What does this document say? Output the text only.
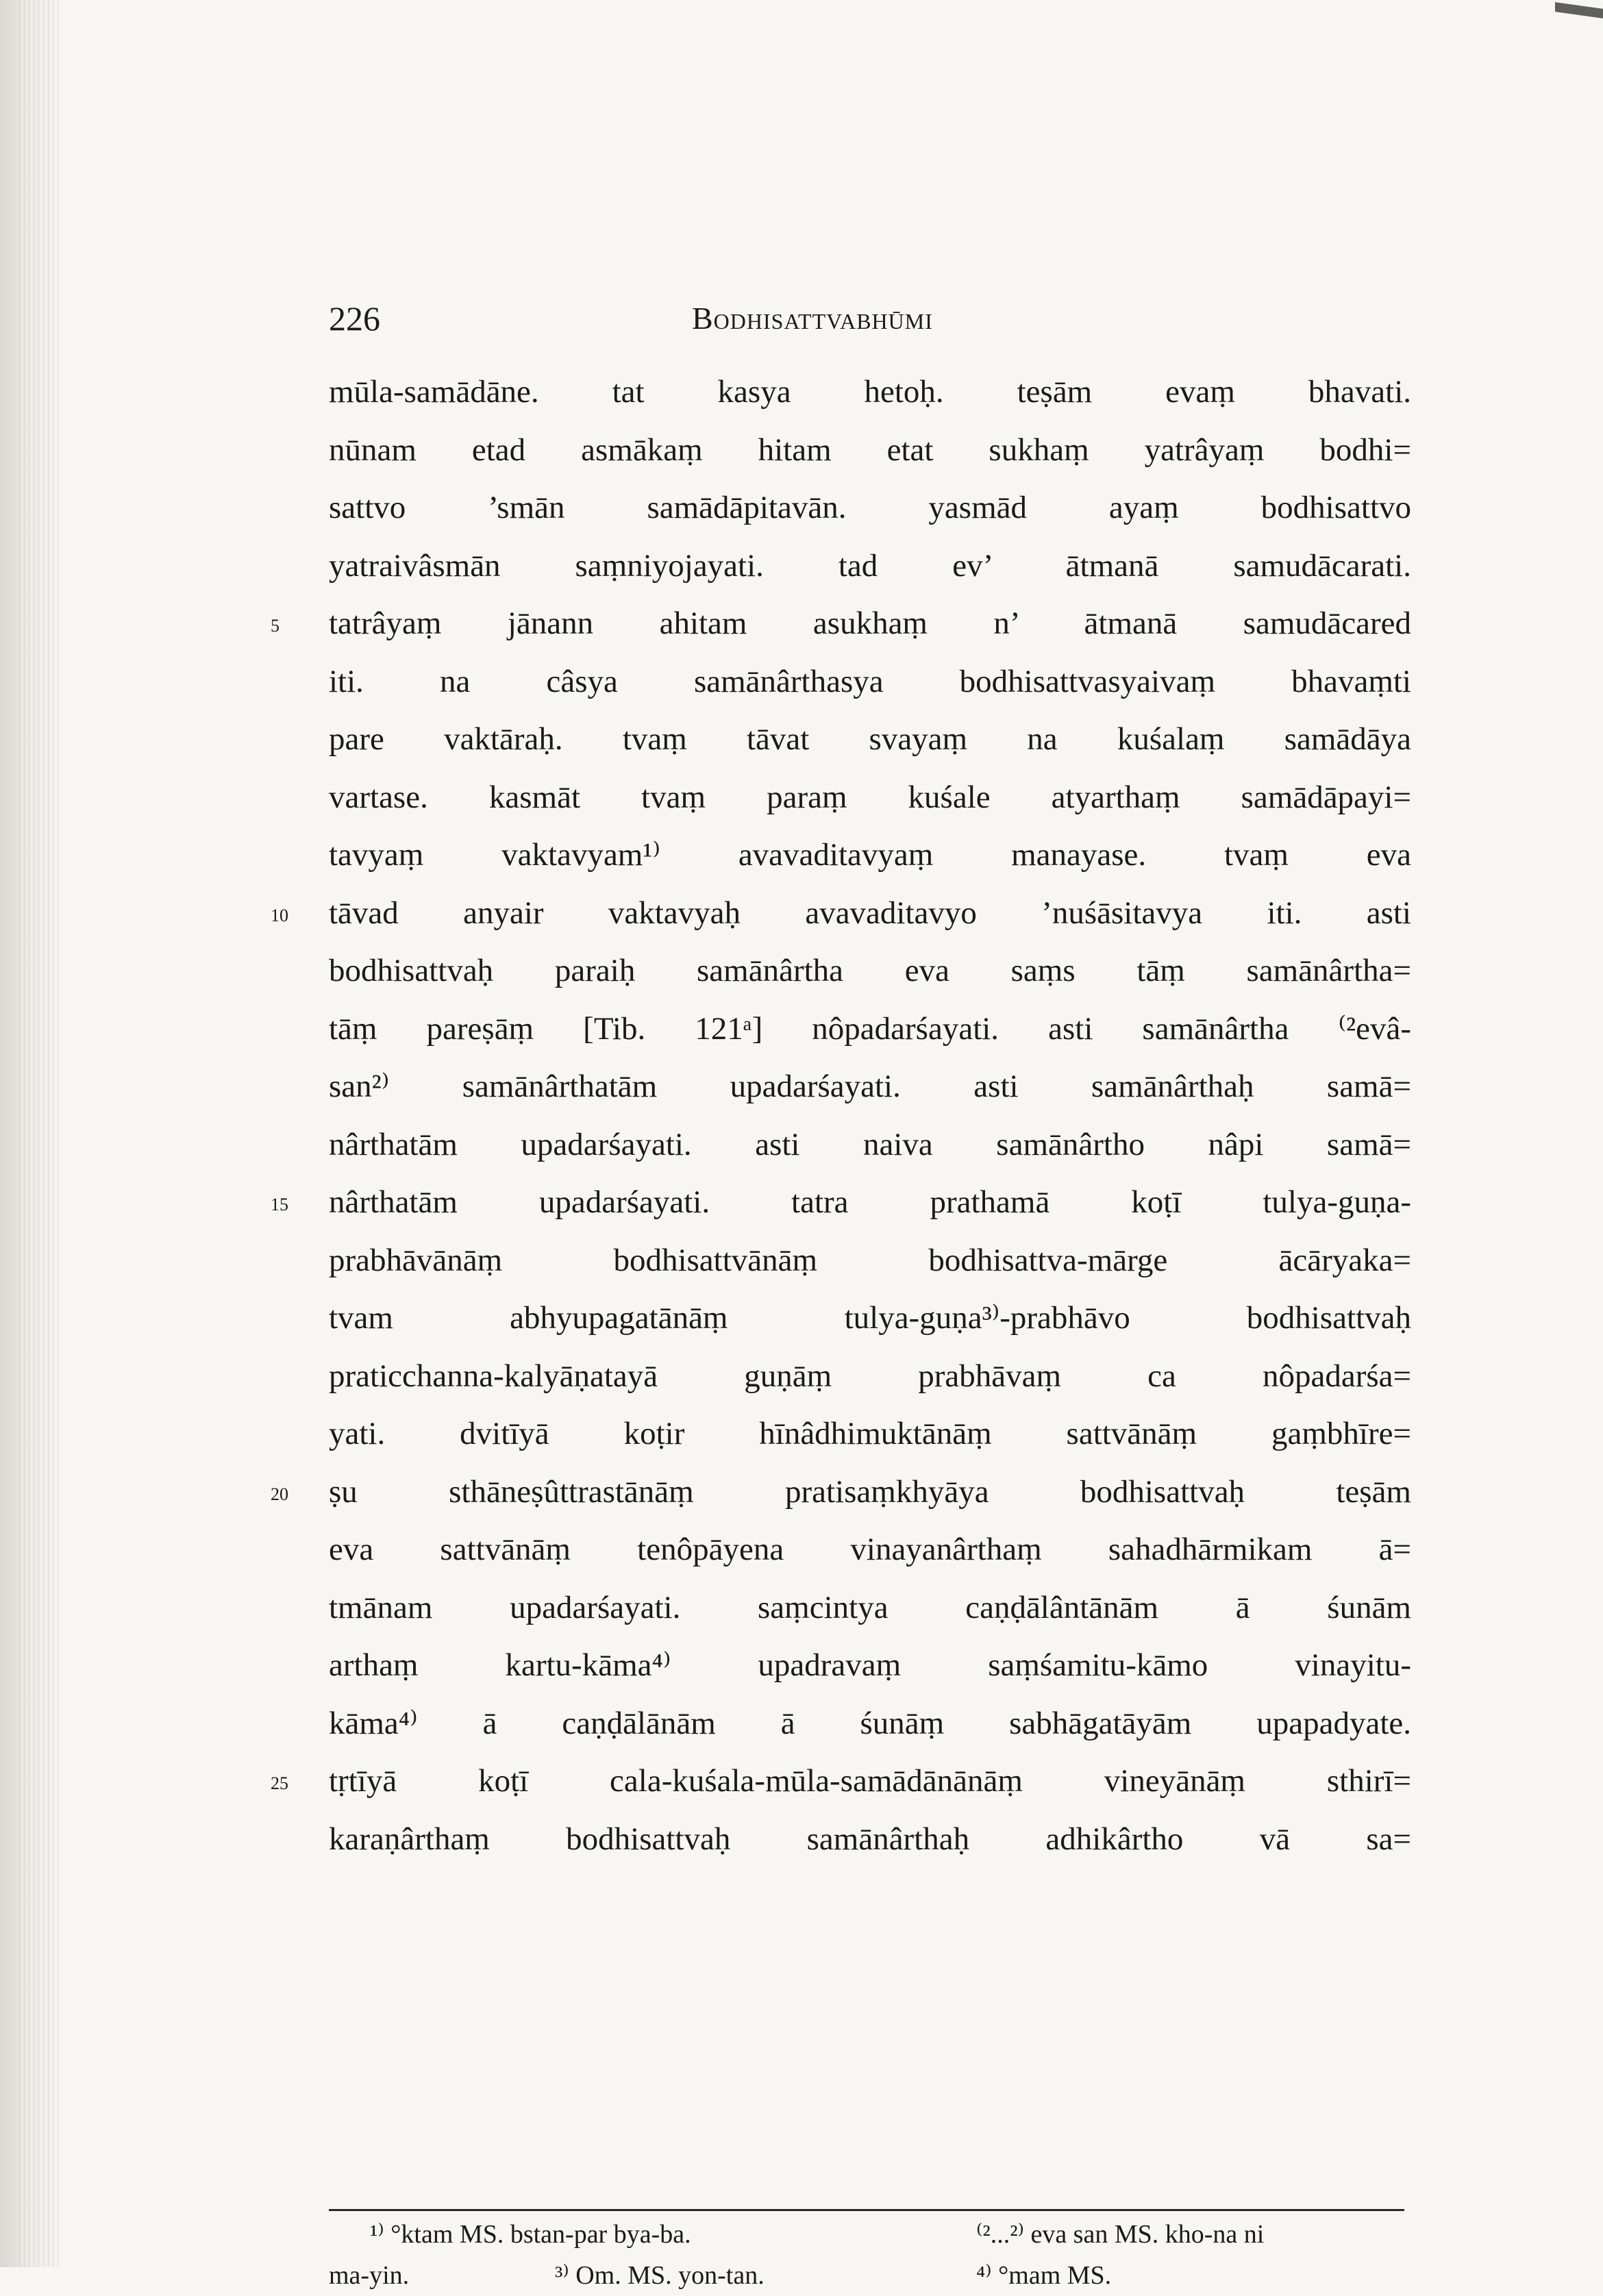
226	Bodhisattvabhūmi
mūla-samādāne. tat kasya hetoḥ. teṣām evaṃ bhavati.
nūnam etad asmākaṃ hitam etat sukhaṃ yatrâyaṃ bodhi=
sattvo ’smān samādāpitavān. yasmād ayaṃ bodhisattvo
yatraivâsmān saṃniyojayati. tad ev’ ātmanā samudācarati.
5	tatrâyaṃ jānann ahitam asukhaṃ n’ ātmanā samudācared
iti. na câsya samānârthasya bodhisattvasyaivaṃ bhavaṃti
pare vaktāraḥ. tvaṃ tāvat svayaṃ na kuśalaṃ samādāya
vartase. kasmāt tvaṃ paraṃ kuśale atyarthaṃ samādāpayi=
tavyaṃ vaktavyam¹⁾ avavaditavyaṃ manayase. tvaṃ eva
10 tāvad anyair vaktavyaḥ avavaditavyo ’nuśāsitavya iti. asti
bodhisattvaḥ paraiḥ samānârtha eva saṃs tāṃ samānârtha=
tāṃ pareṣāṃ [Tib. 121ᵃ] nôpadarśayati. asti samānârtha ⁽²evâ-
san²⁾ samānârthatām upadarśayati. asti samānârthaḥ samā=
nârthatām upadarśayati. asti naiva samānârtho nâpi samā=
15 nârthatām upadarśayati. tatra prathamā koṭī tulya-guṇa-
prabhāvānāṃ bodhisattvānāṃ bodhisattva-mārge ācāryaka=
tvam abhyupagatānāṃ tulya-guṇa³⁾-prabhāvo bodhisattvaḥ
praticchanna-kalyāṇatayā guṇāṃ prabhāvaṃ ca nôpadarśa=
yati. dvitīyā koṭir hīnâdhimuktānāṃ sattvānāṃ gaṃbhīre=
20 ṣu sthāneṣûttrastānāṃ pratisaṃkhyāya bodhisattvaḥ teṣām
eva sattvānāṃ tenôpāyena vinayanârthaṃ sahadhārmikam ā=
tmānam upadarśayati. saṃcintya caṇḍālântānām ā śunām
arthaṃ kartu-kāma⁴⁾ upadravaṃ saṃśamitu-kāmo vinayitu-
kāma⁴⁾ ā caṇḍālānām ā śunāṃ sabhāgatāyām upapadyate.
25 tṛtīyā koṭī cala-kuśala-mūla-samādānānāṃ vineyānāṃ sthirī=
karaṇârthaṃ bodhisattvaḥ samānârthaḥ adhikârtho vā sa=
¹⁾ °ktam MS. bstan-par bya-ba.	⁽²...²⁾ eva san MS. kho-na ni
ma-yin.	³⁾ Om. MS. yon-tan.	⁴⁾ °mam MS.
